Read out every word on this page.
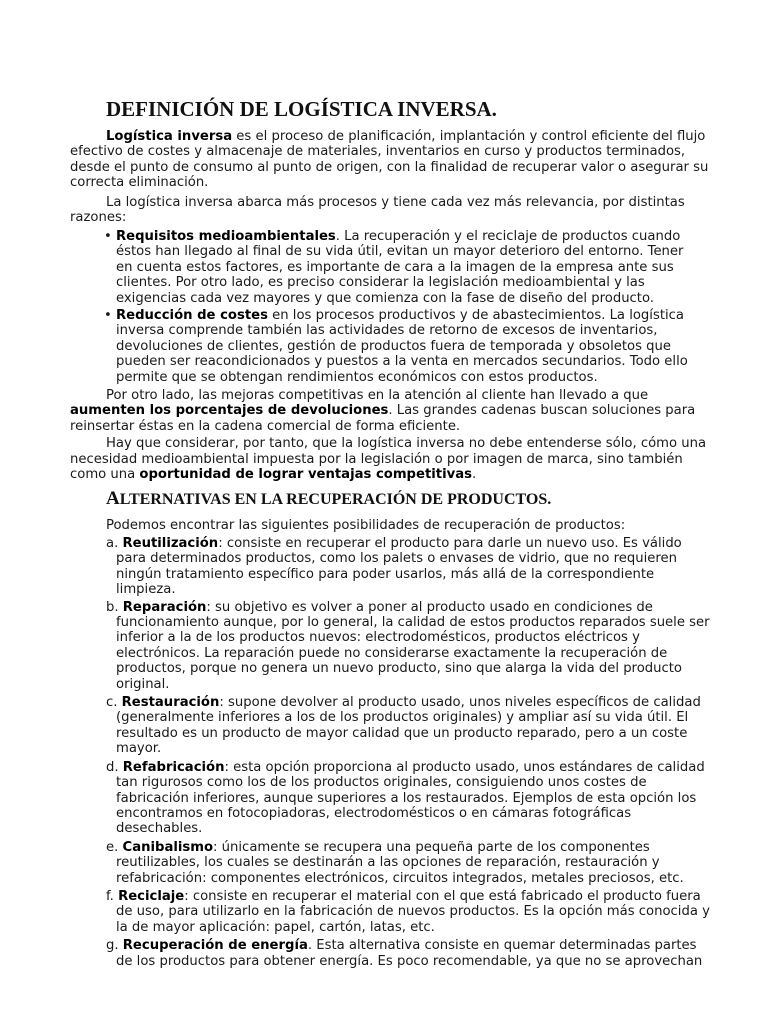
DEFINICIÓN DE LOGÍSTICA INVERSA.

Logística inversa es el proceso de planificación, implantación y control eficiente del flujo efectivo de costes y almacenaje de materiales, inventarios en curso y productos terminados, desde el punto de consumo al punto de origen, con la finalidad de recuperar valor o asegurar su correcta eliminación.

La logística inversa abarca más procesos y tiene cada vez más relevancia, por distintas razones:

• Requisitos medioambientales. La recuperación y el reciclaje de productos cuando éstos han llegado al final de su vida útil, evitan un mayor deterioro del entorno. Tener en cuenta estos factores, es importante de cara a la imagen de la empresa ante sus clientes. Por otro lado, es preciso considerar la legislación medioambiental y las exigencias cada vez mayores y que comienza con la fase de diseño del producto.
• Reducción de costes en los procesos productivos y de abastecimientos. La logística inversa comprende también las actividades de retorno de excesos de inventarios, devoluciones de clientes, gestión de productos fuera de temporada y obsoletos que pueden ser reacondicionados y puestos a la venta en mercados secundarios. Todo ello permite que se obtengan rendimientos económicos con estos productos.

Por otro lado, las mejoras competitivas en la atención al cliente han llevado a que aumenten los porcentajes de devoluciones. Las grandes cadenas buscan soluciones para reinsertar éstas en la cadena comercial de forma eficiente.

Hay que considerar, por tanto, que la logística inversa no debe entenderse sólo, cómo una necesidad medioambiental impuesta por la legislación o por imagen de marca, sino también como una oportunidad de lograr ventajas competitivas.

ALTERNATIVAS EN LA RECUPERACIÓN DE PRODUCTOS.

Podemos encontrar las siguientes posibilidades de recuperación de productos:

a. Reutilización: consiste en recuperar el producto para darle un nuevo uso. Es válido para determinados productos, como los palets o envases de vidrio, que no requieren ningún tratamiento específico para poder usarlos, más allá de la correspondiente limpieza.
b. Reparación: su objetivo es volver a poner al producto usado en condiciones de funcionamiento aunque, por lo general, la calidad de estos productos reparados suele ser inferior a la de los productos nuevos: electrodomésticos, productos eléctricos y electrónicos. La reparación puede no considerarse exactamente la recuperación de productos, porque no genera un nuevo producto, sino que alarga la vida del producto original.
c. Restauración: supone devolver al producto usado, unos niveles específicos de calidad (generalmente inferiores a los de los productos originales) y ampliar así su vida útil. El resultado es un producto de mayor calidad que un producto reparado, pero a un coste mayor.
d. Refabricación: esta opción proporciona al producto usado, unos estándares de calidad tan rigurosos como los de los productos originales, consiguiendo unos costes de fabricación inferiores, aunque superiores a los restaurados. Ejemplos de esta opción los encontramos en fotocopiadoras, electrodomésticos o en cámaras fotográficas desechables.
e. Canibalismo: únicamente se recupera una pequeña parte de los componentes reutilizables, los cuales se destinarán a las opciones de reparación, restauración y refabricación: componentes electrónicos, circuitos integrados, metales preciosos, etc.
f. Reciclaje: consiste en recuperar el material con el que está fabricado el producto fuera de uso, para utilizarlo en la fabricación de nuevos productos. Es la opción más conocida y la de mayor aplicación: papel, cartón, latas, etc.
g. Recuperación de energía. Esta alternativa consiste en quemar determinadas partes de los productos para obtener energía. Es poco recomendable, ya que no se aprovechan
